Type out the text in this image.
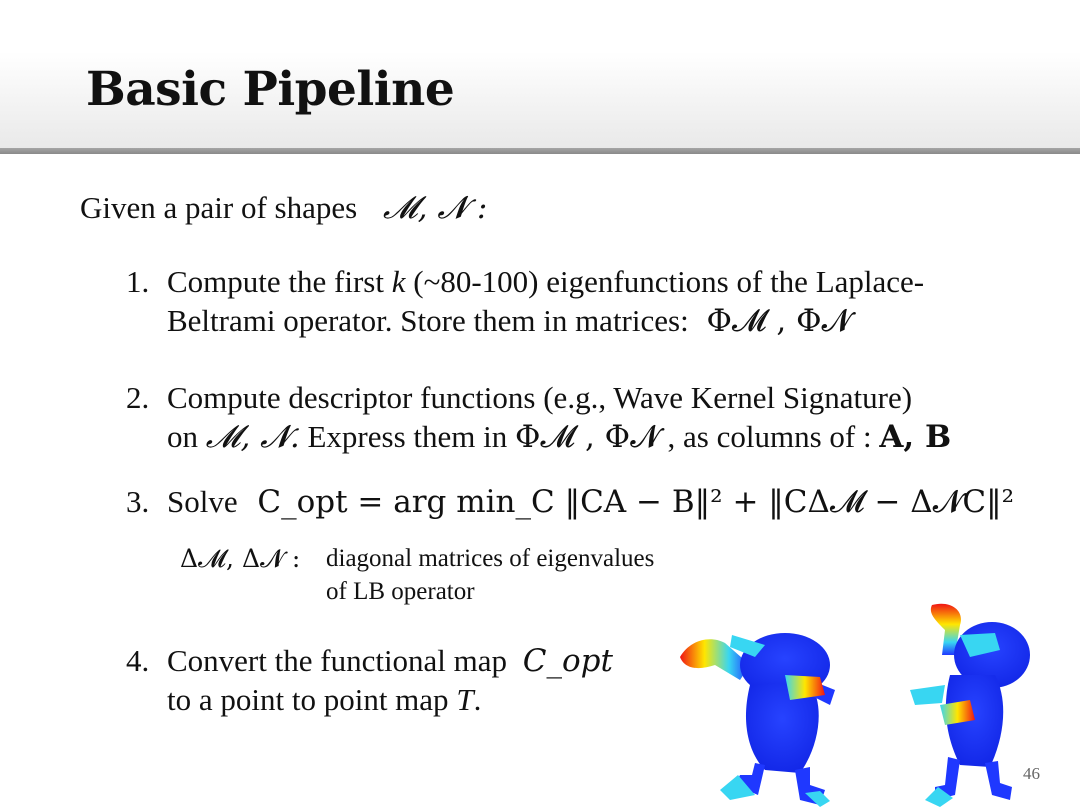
Basic Pipeline
Given a pair of shapes 𝓜, 𝓝 :
1. Compute the first k (~80-100) eigenfunctions of the Laplace-
Beltrami operator. Store them in matrices: Φ𝓜 , Φ𝓝
2. Compute descriptor functions (e.g., Wave Kernel Signature)
on 𝓜, 𝓝. Express them in Φ𝓜 , Φ𝓝 , as columns of : A, B
3. Solve C_opt = arg min_C ‖CA − B‖² + ‖CΔ𝓜 − Δ𝓝C‖²
Δ𝓜, Δ𝓝 : diagonal matrices of eigenvalues
of LB operator
4. Convert the functional map C_opt
to a point to point map T.
46
